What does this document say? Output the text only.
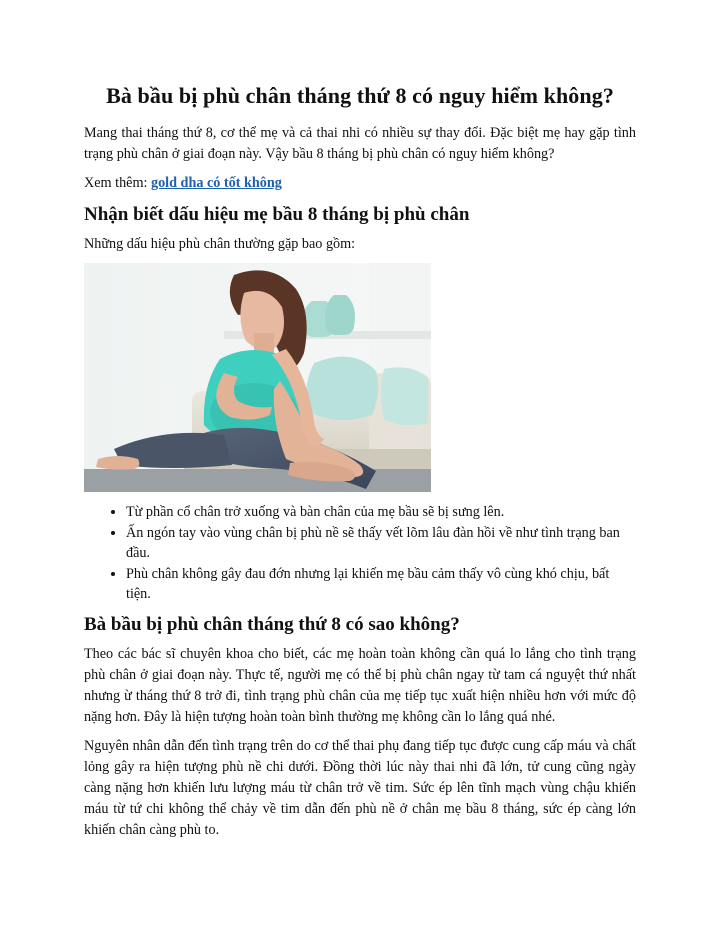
Bà bầu bị phù chân tháng thứ 8 có nguy hiểm không?

Mang thai tháng thứ 8, cơ thể mẹ và cả thai nhi có nhiều sự thay đổi. Đặc biệt mẹ hay gặp tình trạng phù chân ở giai đoạn này. Vậy bầu 8 tháng bị phù chân có nguy hiểm không?

Xem thêm: gold dha có tốt không

Nhận biết dấu hiệu mẹ bầu 8 tháng bị phù chân

Những dấu hiệu phù chân thường gặp bao gồm:

• Từ phần cổ chân trở xuống và bàn chân của mẹ bầu sẽ bị sưng lên.
• Ấn ngón tay vào vùng chân bị phù nề sẽ thấy vết lõm lâu đàn hồi về như tình trạng ban đầu.
• Phù chân không gây đau đớn nhưng lại khiến mẹ bầu cảm thấy vô cùng khó chịu, bất tiện.
Bà bầu bị phù chân tháng thứ 8 có sao không?

Theo các bác sĩ chuyên khoa cho biết, các mẹ hoàn toàn không cần quá lo lắng cho tình trạng phù chân ở giai đoạn này. Thực tế, người mẹ có thể bị phù chân ngay từ tam cá nguyệt thứ nhất nhưng ừ tháng thứ 8 trở đi, tình trạng phù chân của mẹ tiếp tục xuất hiện nhiều hơn với mức độ nặng hơn. Đây là hiện tượng hoàn toàn bình thường mẹ không cần lo lắng quá nhé.

Nguyên nhân dẫn đến tình trạng trên do cơ thể thai phụ đang tiếp tục được cung cấp máu và chất lỏng gây ra hiện tượng phù nề chi dưới. Đồng thời lúc này thai nhi đã lớn, tử cung cũng ngày càng nặng hơn khiến lưu lượng máu từ chân trở về tim. Sức ép lên tĩnh mạch vùng chậu khiến máu từ tứ chi không thể chảy về tim dẫn đến phù nề ở chân mẹ bầu 8 tháng, sức ép càng lớn khiến chân càng phù to.
